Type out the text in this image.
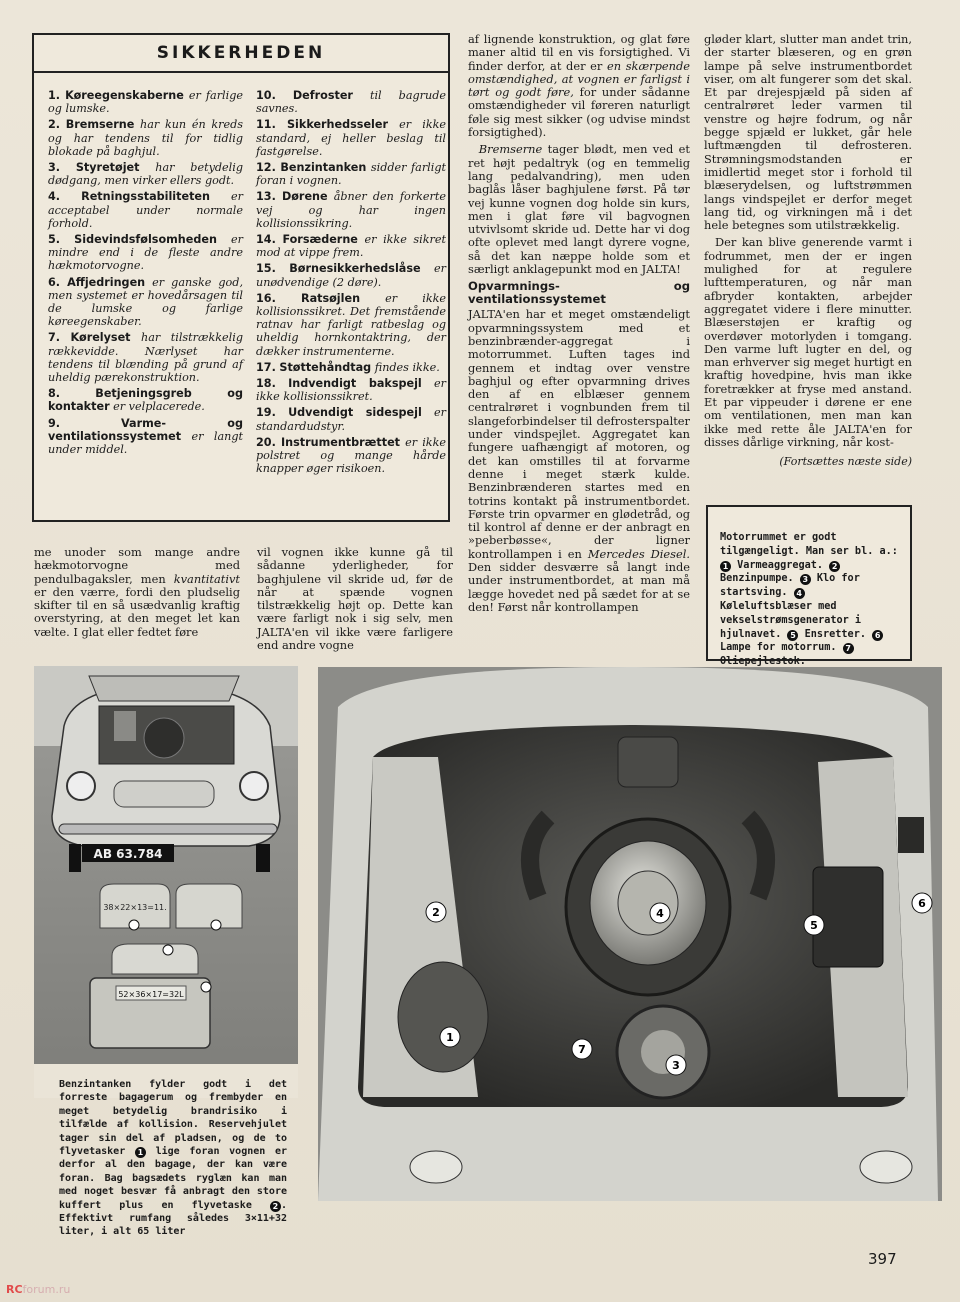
SIKKERHEDEN
1. Køreegenskaberne er farlige og lumske.
2. Bremserne har kun én kreds og har tendens til for tidlig blokade på baghjul.
3. Styretøjet har betydelig dødgang, men virker ellers godt.
4. Retningsstabiliteten er acceptabel under normale forhold.
5. Sidevindsfølsomheden er mindre end i de fleste andre hækmotorvogne.
6. Affjedringen er ganske god, men systemet er hovedårsagen til de lumske og farlige køreegenskaber.
7. Kørelyset har tilstrækkelig rækkevidde. Nærlyset har tendens til blænding på grund af uheldig pærekonstruktion.
8.	Betjeningsgreb og kontakter er velplacerede.
9.	Varme- og ventilationssystemet er langt under middel.
10. Defroster til bagrude savnes.
11. Sikkerhedsseler er ikke standard, ej heller beslag til fastgørelse.
12. Benzintanken sidder farligt foran i vognen.
13. Dørene åbner den forkerte vej og har ingen kollisionssikring.
14. Forsæderne er ikke sikret mod at vippe frem.
15. Børnesikkerhedslåse er unødvendige (2 døre).
16. Ratsøjlen er ikke kollisionssikret. Det fremstående ratnav har farligt ratbeslag og uheldig hornkontaktring, der dækker instrumenterne.
17. Støttehåndtag findes ikke.
18. Indvendigt bakspejl er ikke kollisionssikret.
19. Udvendigt sidespejl er standardudstyr.
20. Instrumentbrættet er ikke polstret og mange hårde knapper øger risikoen.

af lignende konstruktion, og glat føre maner altid til en vis forsigtighed. Vi finder derfor, at der er en skærpende omstændighed, at vognen er farligst i tørt og godt føre, for under sådanne omstændigheder vil føreren naturligt føle sig mest sikker (og udvise mindst forsigtighed).

Bremserne tager blødt, men ved et ret højt pedaltryk (og en temmelig lang pedalvandring), men uden baglås låser baghjulene først. På tør vej kunne vognen dog holde sin kurs, men i glat føre vil bagvognen utvivlsomt skride ud. Dette har vi dog ofte oplevet med langt dyrere vogne, så det kan næppe holde som et særligt anklagepunkt mod en JALTA!

Opvarmnings- og ventilationssystemet

JALTA'en har et meget omstændeligt opvarmningssystem med et benzinbrænder-aggregat i motorrummet. Luften tages ind gennem et indtag over venstre baghjul og efter opvarmning drives den af en elblæser gennem centralrøret i vognbunden frem til slangeforbindelser til defrosterspalter under vindspejlet. Aggregatet kan fungere uafhængigt af motoren, og det kan omstilles til at forvarme denne i meget stærk kulde. Benzinbrænderen startes med en totrins kontakt på instrumentbordet. Første trin opvarmer en glødetråd, og til kontrol af denne er der anbragt en »peberbøsse«, der ligner kontrollampen i en Mercedes Diesel. Den sidder desværre så langt inde under instrumentbordet, at man må lægge hovedet ned på sædet for at se den! Først når kontrollampen

gløder klart, slutter man andet trin, der starter blæseren, og en grøn lampe på selve instrumentbordet viser, om alt fungerer som det skal. Et par drejespjæld på siden af centralrøret leder varmen til venstre og højre fodrum, og når begge spjæld er lukket, går hele luftmængden til defrosteren. Strømningsmodstanden er imidlertid meget stor i forhold til blæserydelsen, og luftstrømmen langs vindspejlet er derfor meget lang tid, og virkningen må i det hele betegnes som utilstrækkelig.

Der kan blive generende varmt i fodrummet, men der er ingen mulighed for at regulere lufttemperaturen, og når man afbryder kontakten, arbejder aggregatet videre i flere minutter. Blæserstøjen er kraftig og overdøver motorlyden i tomgang. Den varme luft lugter en del, og man erhverver sig meget hurtigt en kraftig hovedpine, hvis man ikke foretrækker at fryse med anstand. Et par vippeuder i dørene er ene om ventilationen, men man kan ikke med rette åle JALTA'en for disses dårlige virkning, når kost-

(Fortsættes næste side)

me unoder som mange andre hækmotorvogne med pendulbagaksler, men kvantitativt er den værre, fordi den pludselig skifter til en så usædvanlig kraftig overstyring, at den meget let kan vælte. I glat eller fedtet føre

vil vognen ikke kunne gå til sådanne yderligheder, for baghjulene vil skride ud, før de når at spænde vognen tilstrækkelig højt op. Dette kan være farligt nok i sig selv, men JALTA'en vil ikke være farligere end andre vogne

Motorrummet er godt tilgængeligt. Man ser bl. a.: 1 Varmeaggregat. 2 Benzinpumpe. 3 Klo for startsving. 4 Køleluftsblæser med vekselstrømsgenerator i hjulnavet. 5 Ensretter. 6 Lampe for motorrum. 7 Oliepejlestok.
AB 63.784
38×22×13=11.
52×36×17=32L
1
2
3
4
5
6
7
Benzintanken fylder godt i det forreste bagagerum og frembyder en meget betydelig brandrisiko i tilfælde af kollision. Reservehjulet tager sin del af pladsen, og de to flyvetasker 1 lige foran vognen er derfor al den bagage, der kan være foran. Bag bagsædets ryglæn kan man med noget besvær få anbragt den store kuffert plus en flyvetaske 2 . Effektivt rumfang således 3×11+32 liter, i alt 65 liter
397
RCforum.ru
